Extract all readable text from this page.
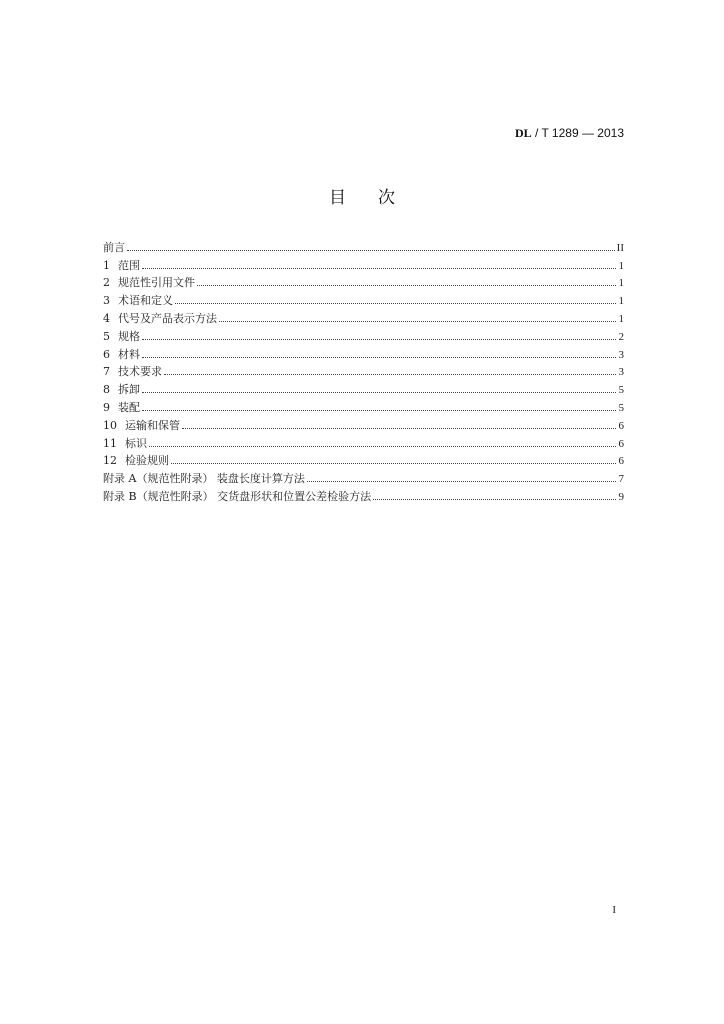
DL / T 1289 — 2013
目次
前言	II
1 范围	1
2 规范性引用文件	1
3 术语和定义	1
4 代号及产品表示方法	1
5 规格	2
6 材料	3
7 技术要求	3
8 拆卸	5
9 装配	5
10 运输和保管	6
11 标识	6
12 检验规则	6
附录 A（规范性附录） 装盘长度计算方法	7
附录 B（规范性附录） 交货盘形状和位置公差检验方法	9
I
